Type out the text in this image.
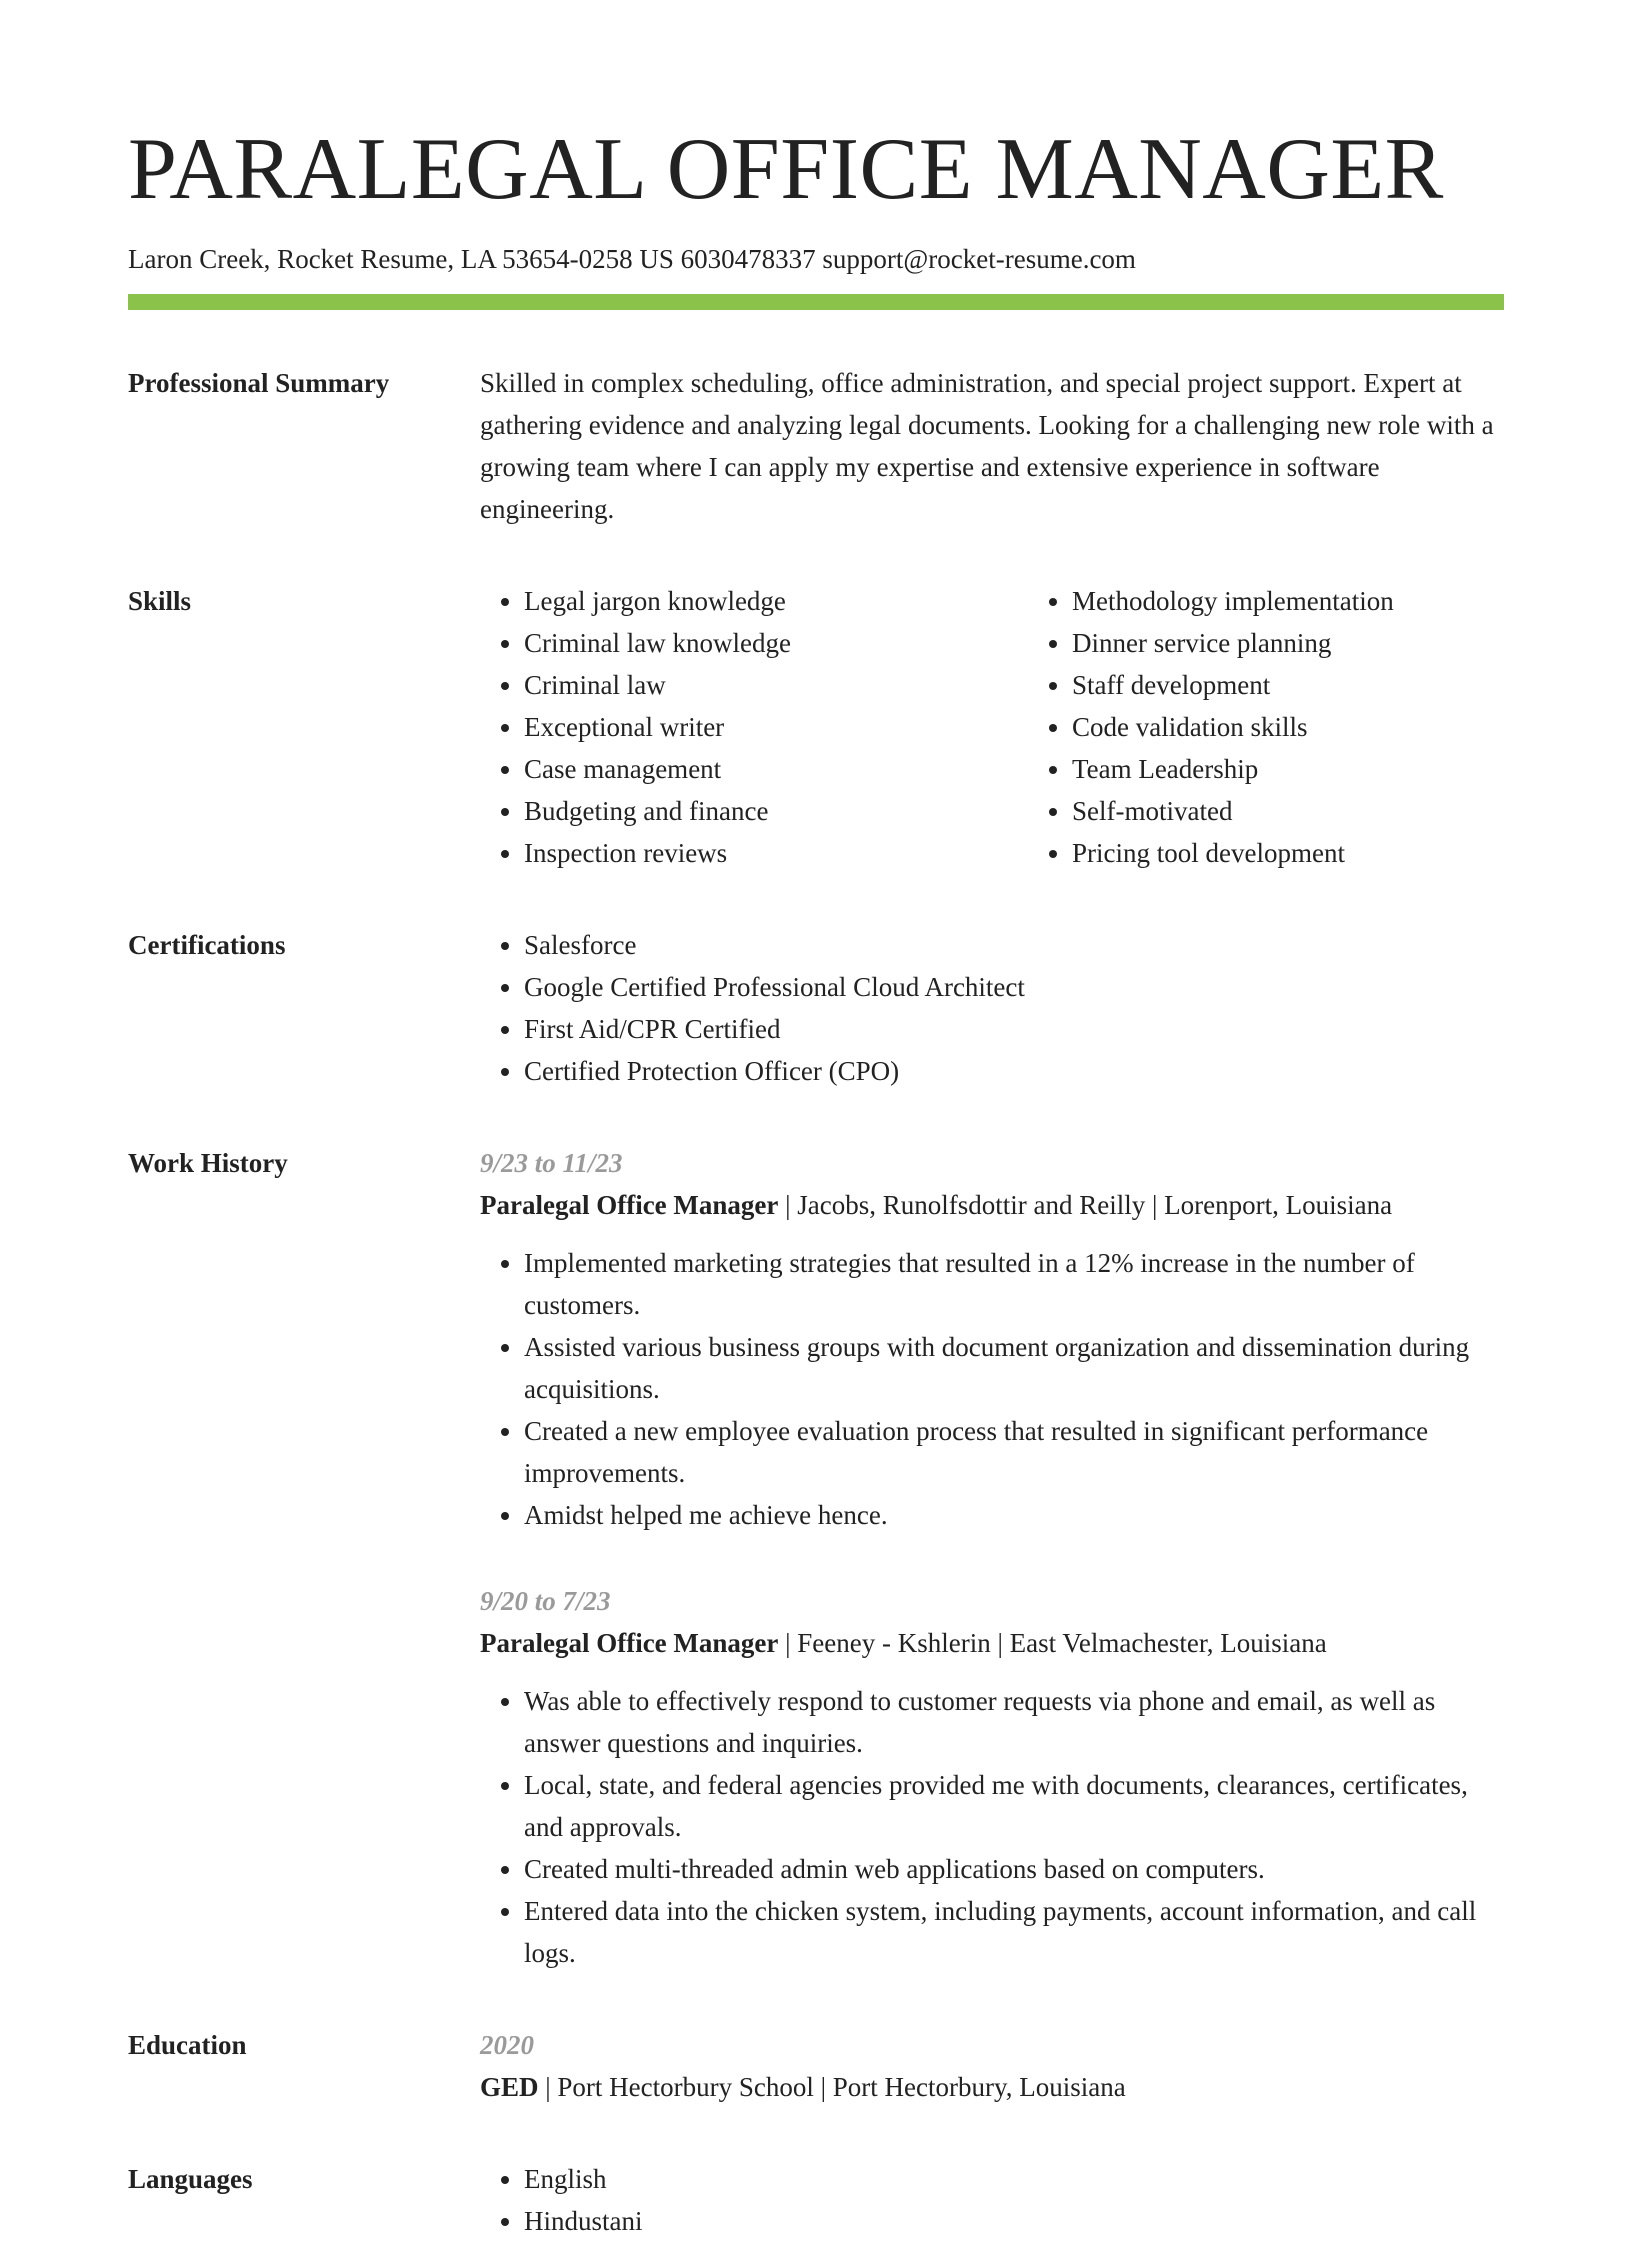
PARALEGAL OFFICE MANAGER
Laron Creek, Rocket Resume, LA 53654-0258 US 6030478337 support@rocket-resume.com
Professional Summary	Skilled in complex scheduling, office administration, and special project support. Expert at gathering evidence and analyzing legal documents. Looking for a challenging new role with a growing team where I can apply my expertise and extensive experience in software engineering.

Skills	• Legal jargon knowledge
• Criminal law knowledge
• Criminal law
• Exceptional writer
• Case management
• Budgeting and finance
• Inspection reviews
• Methodology implementation
• Dinner service planning
• Staff development
• Code validation skills
• Team Leadership
• Self-motivated
• Pricing tool development
Certifications	• Salesforce
• Google Certified Professional Cloud Architect
• First Aid/CPR Certified
• Certified Protection Officer (CPO)
Work History	9/23 to 11/23
Paralegal Office Manager | Jacobs, Runolfsdottir and Reilly | Lorenport, Louisiana
• Implemented marketing strategies that resulted in a 12% increase in the number of customers.
• Assisted various business groups with document organization and dissemination during acquisitions.
• Created a new employee evaluation process that resulted in significant performance improvements.
• Amidst helped me achieve hence.
9/20 to 7/23
Paralegal Office Manager | Feeney - Kshlerin | East Velmachester, Louisiana
• Was able to effectively respond to customer requests via phone and email, as well as answer questions and inquiries.
• Local, state, and federal agencies provided me with documents, clearances, certificates, and approvals.
• Created multi-threaded admin web applications based on computers.
• Entered data into the chicken system, including payments, account information, and call logs.
Education	2020
GED | Port Hectorbury School | Port Hectorbury, Louisiana
Languages	• English
• Hindustani
